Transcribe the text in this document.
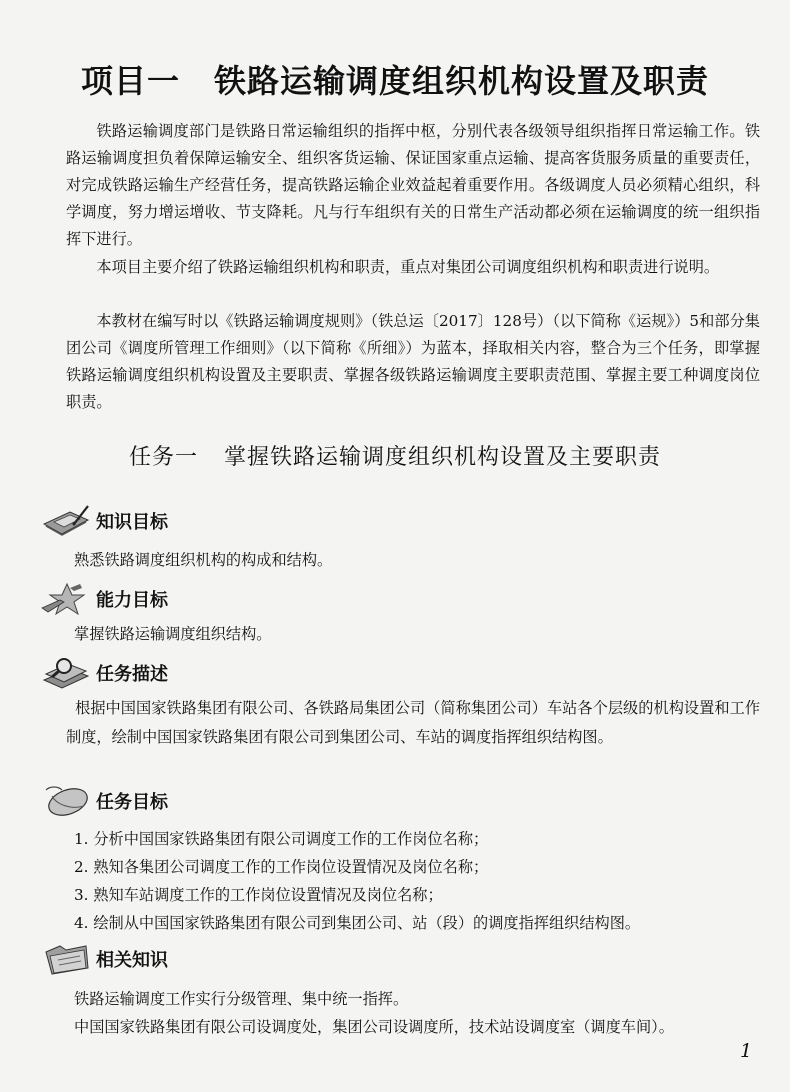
项目一 铁路运输调度组织机构设置及职责
铁路运输调度部门是铁路日常运输组织的指挥中枢，分别代表各级领导组织指挥日常运输工作。铁路运输调度担负着保障运输安全、组织客货运输、保证国家重点运输、提高客货服务质量的重要责任，对完成铁路运输生产经营任务，提高铁路运输企业效益起着重要作用。各级调度人员必须精心组织，科学调度，努力增运增收、节支降耗。凡与行车组织有关的日常生产活动都必须在运输调度的统一组织指挥下进行。
本项目主要介绍了铁路运输组织机构和职责，重点对集团公司调度组织机构和职责进行说明。
本教材在编写时以《铁路运输调度规则》（铁总运〔2017〕128号）（以下简称《运规》）5和部分集团公司《调度所管理工作细则》（以下简称《所细》）为蓝本，择取相关内容，整合为三个任务，即掌握铁路运输调度组织机构设置及主要职责、掌握各级铁路运输调度主要职责范围、掌握主要工种调度岗位职责。
任务一 掌握铁路运输调度组织机构设置及主要职责
知识目标
熟悉铁路调度组织机构的构成和结构。
能力目标
掌握铁路运输调度组织结构。
任务描述
根据中国国家铁路集团有限公司、各铁路局集团公司（简称集团公司）车站各个层级的机构设置和工作制度，绘制中国国家铁路集团有限公司到集团公司、车站的调度指挥组织结构图。
任务目标
1. 分析中国国家铁路集团有限公司调度工作的工作岗位名称；
2. 熟知各集团公司调度工作的工作岗位设置情况及岗位名称；
3. 熟知车站调度工作的工作岗位设置情况及岗位名称；
4. 绘制从中国国家铁路集团有限公司到集团公司、站（段）的调度指挥组织结构图。
相关知识
铁路运输调度工作实行分级管理、集中统一指挥。
中国国家铁路集团有限公司设调度处，集团公司设调度所，技术站设调度室（调度车间）。
1
